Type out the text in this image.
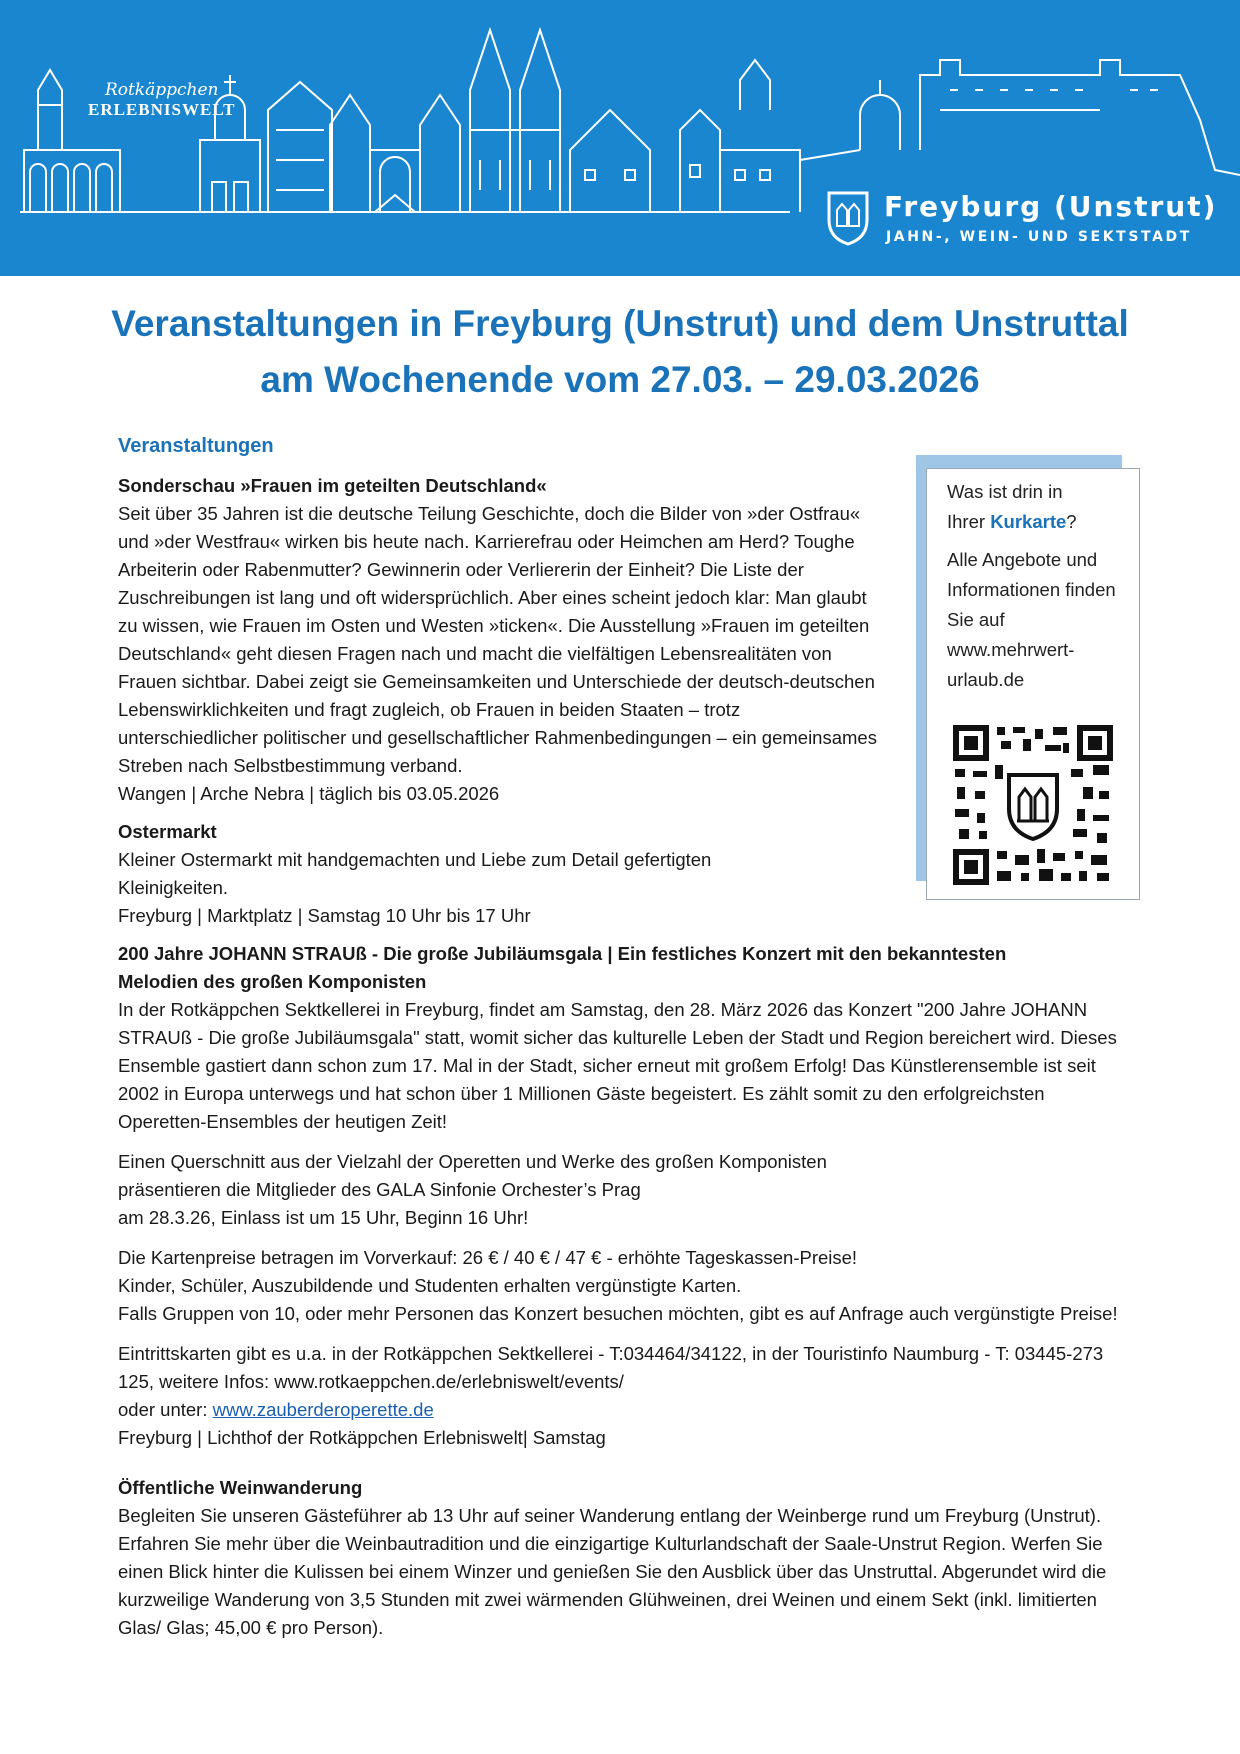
Rotkäppchen
ERLEBNISWELT
Freyburg (Unstrut)
JAHN-, WEIN- UND SEKTSTADT
Veranstaltungen in Freyburg (Unstrut) und dem Unstruttal
am Wochenende vom 27.03. – 29.03.2026
Was ist drin in
Ihrer Kurkarte?
Alle Angebote und Informationen finden Sie auf www.mehrwert-urlaub.de
Veranstaltungen
Sonderschau »Frauen im geteilten Deutschland«

Seit über 35 Jahren ist die deutsche Teilung Geschichte, doch die Bilder von »der Ostfrau« und »der Westfrau« wirken bis heute nach. Karrierefrau oder Heimchen am Herd? Toughe Arbeiterin oder Rabenmutter? Gewinnerin oder Verliererin der Einheit? Die Liste der Zuschreibungen ist lang und oft widersprüchlich. Aber eines scheint jedoch klar: Man glaubt zu wissen, wie Frauen im Osten und Westen »ticken«. Die Ausstellung »Frauen im geteilten Deutschland« geht diesen Fragen nach und macht die vielfältigen Lebensrealitäten von Frauen sichtbar. Dabei zeigt sie Gemeinsamkeiten und Unterschiede der deutsch-deutschen Lebenswirklichkeiten und fragt zugleich, ob Frauen in beiden Staaten – trotz unterschiedlicher politischer und gesellschaftlicher Rahmenbedingungen – ein gemeinsames Streben nach Selbstbestimmung verband.

Wangen | Arche Nebra | täglich bis 03.05.2026

Ostermarkt

Kleiner Ostermarkt mit handgemachten und Liebe zum Detail gefertigten Kleinigkeiten.

Freyburg | Marktplatz | Samstag 10 Uhr bis 17 Uhr

200 Jahre JOHANN STRAUß - Die große Jubiläumsgala | Ein festliches Konzert mit den bekanntesten Melodien des großen Komponisten

In der Rotkäppchen Sektkellerei in Freyburg, findet am Samstag, den 28. März 2026 das Konzert "200 Jahre JOHANN STRAUß - Die große Jubiläumsgala" statt, womit sicher das kulturelle Leben der Stadt und Region bereichert wird. Dieses Ensemble gastiert dann schon zum 17. Mal in der Stadt, sicher erneut mit großem Erfolg! Das Künstlerensemble ist seit 2002 in Europa unterwegs und hat schon über 1 Millionen Gäste begeistert. Es zählt somit zu den erfolgreichsten Operetten-Ensembles der heutigen Zeit!

Einen Querschnitt aus der Vielzahl der Operetten und Werke des großen Komponisten

präsentieren die Mitglieder des GALA Sinfonie Orchester’s Prag

am 28.3.26, Einlass ist um 15 Uhr, Beginn 16 Uhr!

Die Kartenpreise betragen im Vorverkauf: 26 € / 40 € / 47 € - erhöhte Tageskassen-Preise!

Kinder, Schüler, Auszubildende und Studenten erhalten vergünstigte Karten.

Falls Gruppen von 10, oder mehr Personen das Konzert besuchen möchten, gibt es auf Anfrage auch vergünstigte Preise!

Eintrittskarten gibt es u.a. in der Rotkäppchen Sektkellerei - T:034464/34122, in der Touristinfo Naumburg - T: 03445-273 125, weitere Infos: www.rotkaeppchen.de/erlebniswelt/events/

oder unter: www.zauberderoperette.de

Freyburg | Lichthof der Rotkäppchen Erlebniswelt| Samstag

Öffentliche Weinwanderung

Begleiten Sie unseren Gästeführer ab 13 Uhr auf seiner Wanderung entlang der Weinberge rund um Freyburg (Unstrut). Erfahren Sie mehr über die Weinbautradition und die einzigartige Kulturlandschaft der Saale-Unstrut Region. Werfen Sie einen Blick hinter die Kulissen bei einem Winzer und genießen Sie den Ausblick über das Unstruttal. Abgerundet wird die kurzweilige Wanderung von 3,5 Stunden mit zwei wärmenden Glühweinen, drei Weinen und einem Sekt (inkl. limitierten Glas/ Glas; 45,00 € pro Person).
